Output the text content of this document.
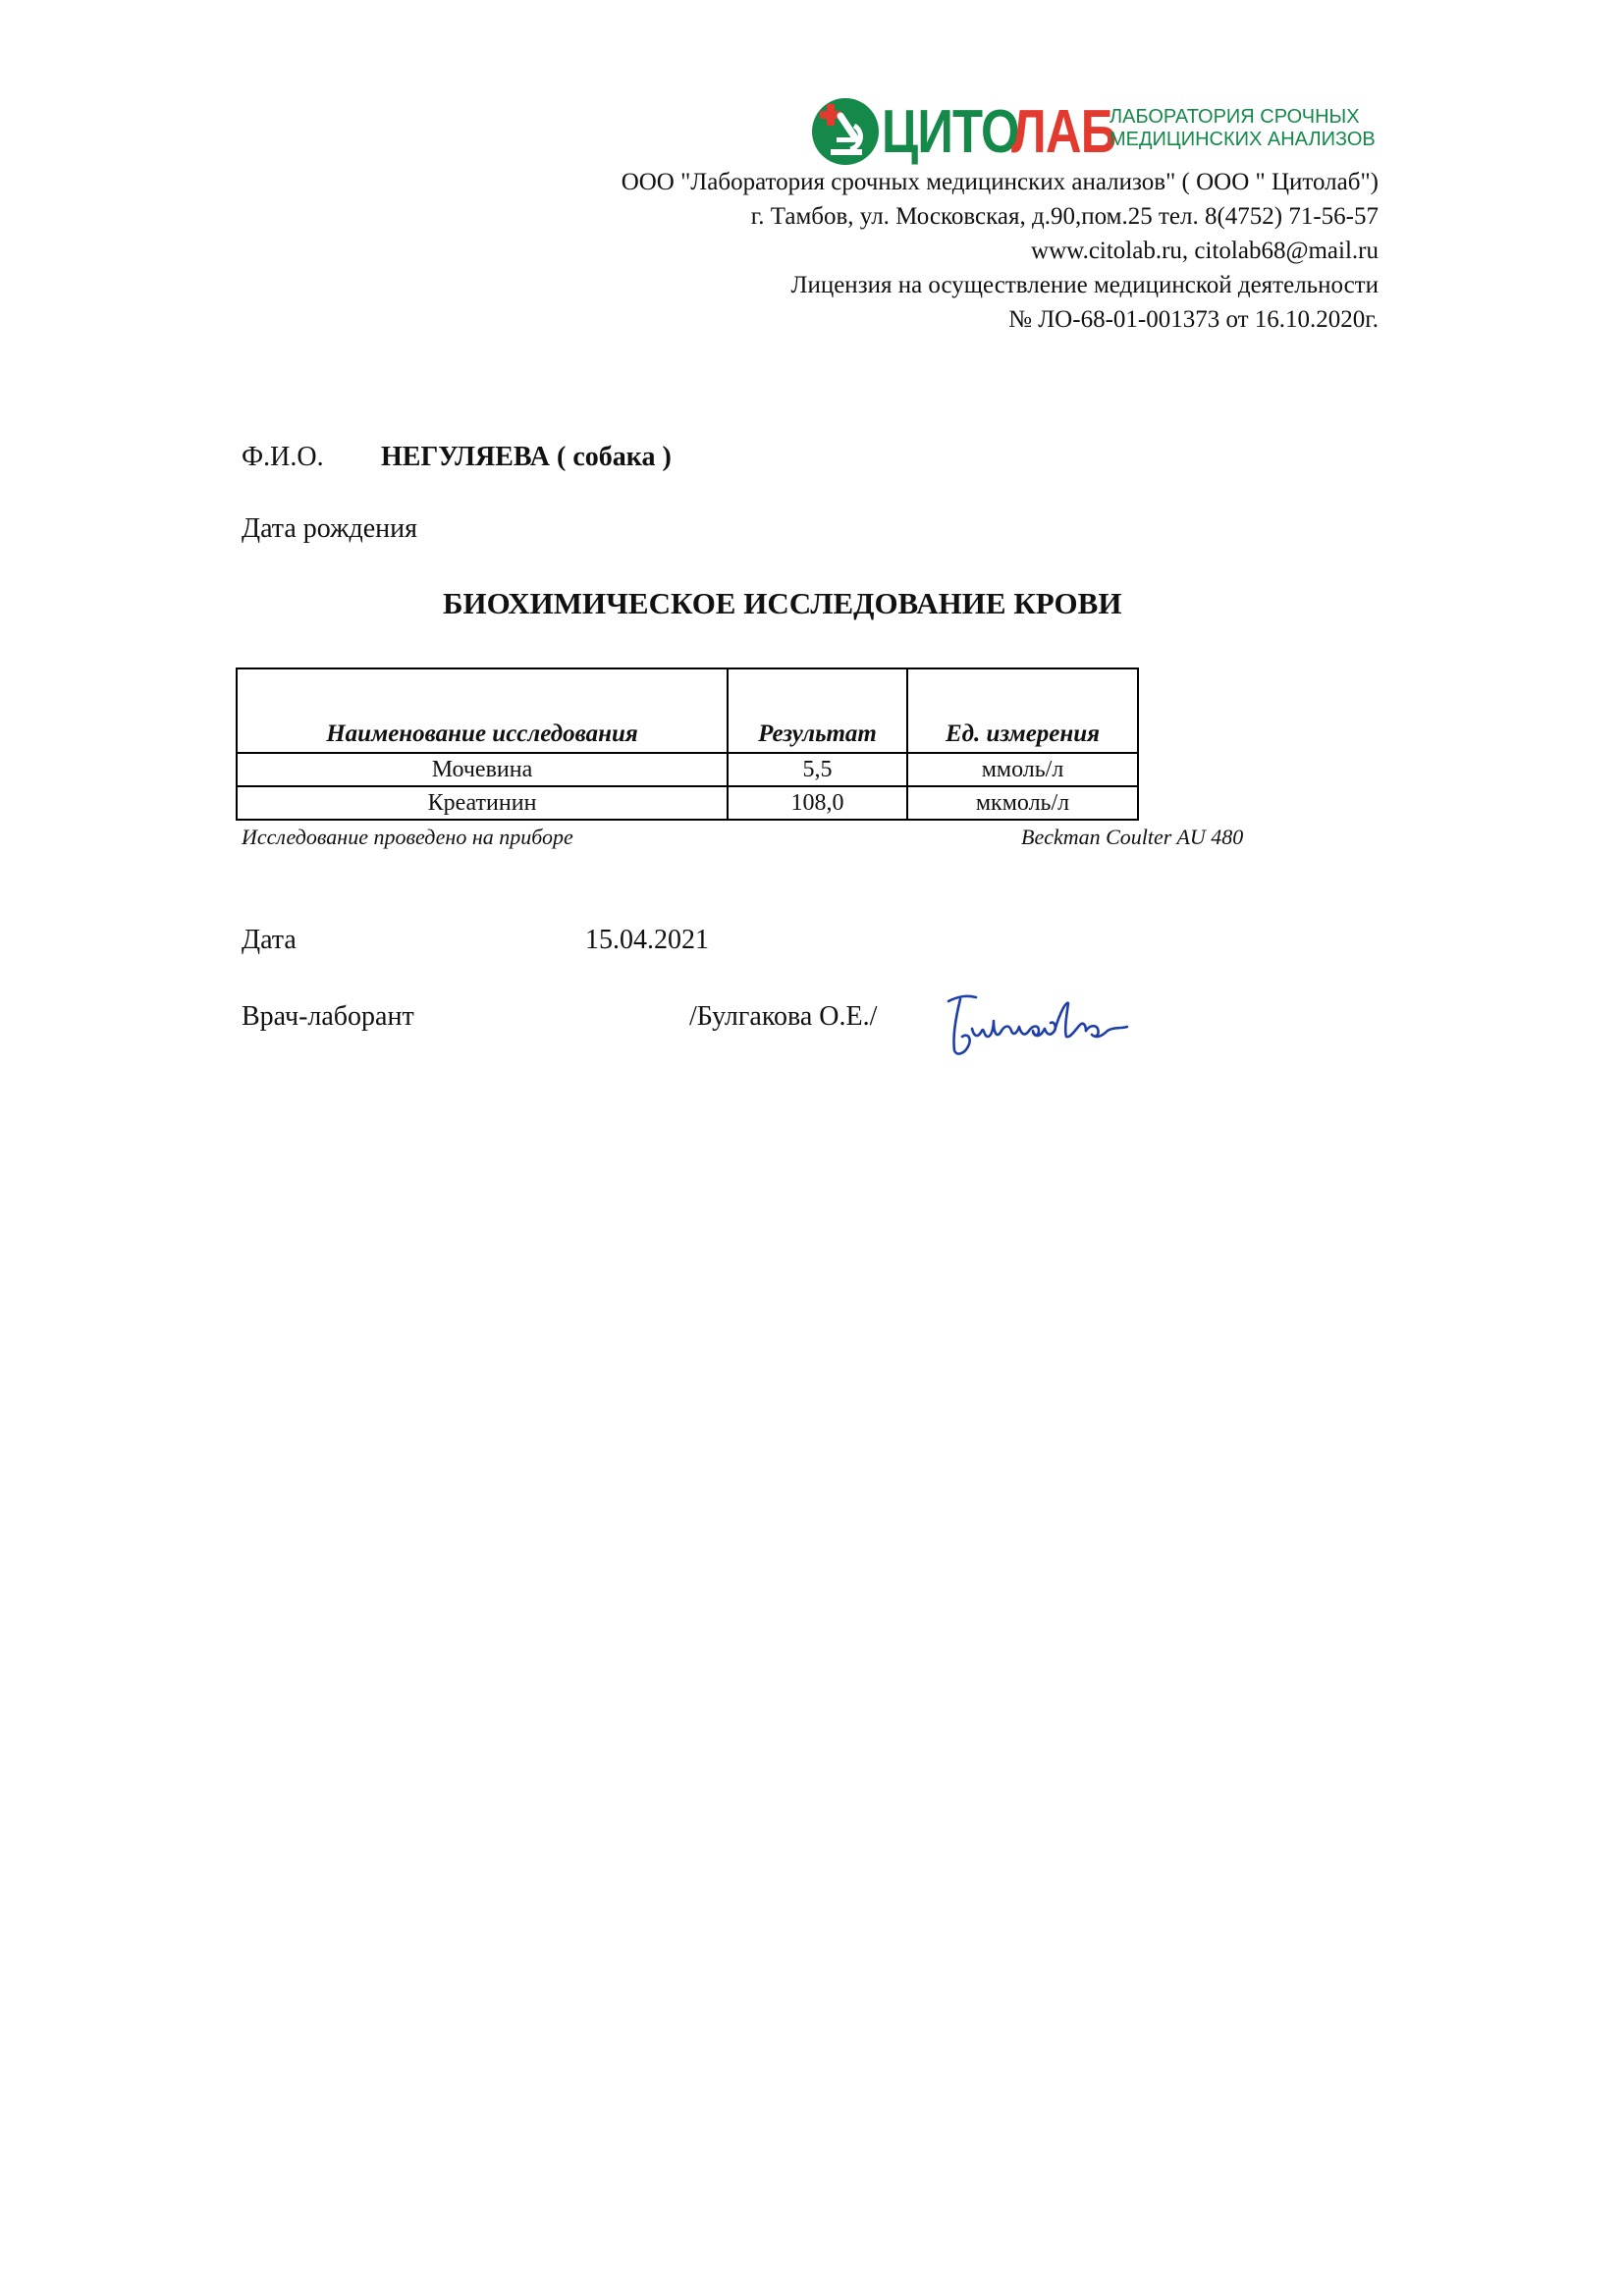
ЦИТО
ЛАБ
ЛАБОРАТОРИЯ СРОЧНЫХ
МЕДИЦИНСКИХ АНАЛИЗОВ
ООО "Лаборатория срочных медицинских анализов" ( ООО " Цитолаб")
г. Тамбов, ул. Московская, д.90,пом.25 тел. 8(4752) 71-56-57
www.citolab.ru, citolab68@mail.ru
Лицензия на осуществление медицинской деятельности
№ ЛО-68-01-001373 от 16.10.2020г.
Ф.И.О. НЕГУЛЯЕВА ( собака )
Дата рождения
БИОХИМИЧЕСКОЕ ИССЛЕДОВАНИЕ КРОВИ
Наименование исследования	Результат	Ед. измерения
Мочевина	5,5	ммоль/л
Креатинин	108,0	мкмоль/л
Исследование проведено на приборе	Beckman Coulter AU 480
Дата	15.04.2021
Врач-лаборант	/Булгакова О.Е./
